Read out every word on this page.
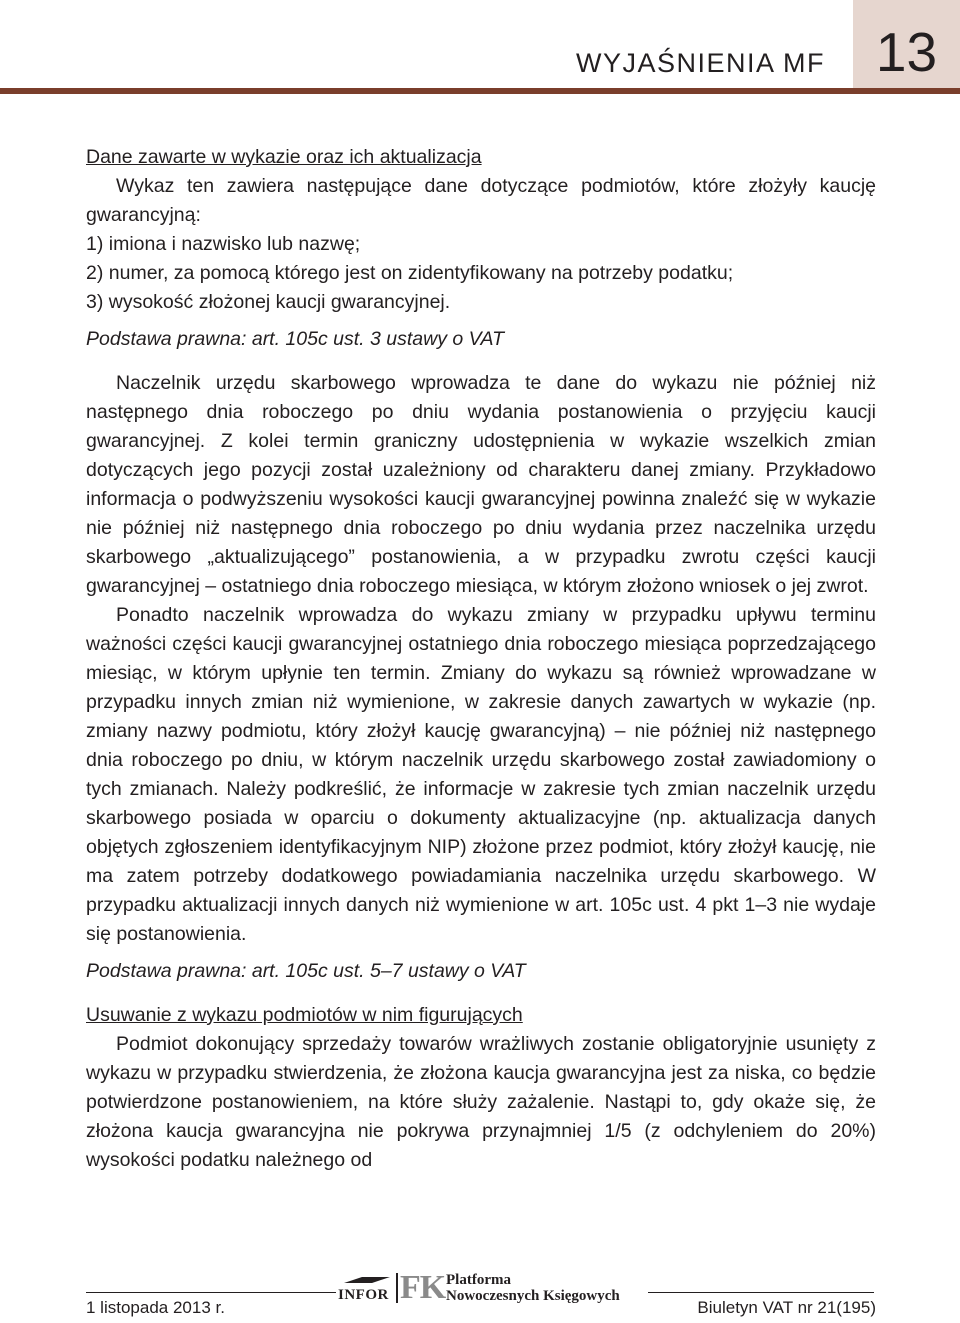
13
WYJAŚNIENIA MF
Dane zawarte w wykazie oraz ich aktualizacja

Wykaz ten zawiera następujące dane dotyczące podmiotów, które złożyły kaucję gwarancyjną:

1) imiona i nazwisko lub nazwę;
2) numer, za pomocą którego jest on zidentyfikowany na potrzeby podatku;
3) wysokość złożonej kaucji gwarancyjnej.
Podstawa prawna: art. 105c ust. 3 ustawy o VAT

Naczelnik urzędu skarbowego wprowadza te dane do wykazu nie później niż następnego dnia roboczego po dniu wydania postanowienia o przyjęciu kaucji gwarancyjnej. Z kolei termin graniczny udostępnienia w wykazie wszelkich zmian dotyczących jego pozycji został uzależniony od charakteru danej zmiany. Przykładowo informacja o podwyższeniu wysokości kaucji gwarancyjnej powinna znaleźć się w wykazie nie później niż następnego dnia roboczego po dniu wydania przez naczelnika urzędu skarbowego „aktualizującego” postanowienia, a w przypadku zwrotu części kaucji gwarancyjnej – ostatniego dnia roboczego miesiąca, w którym złożono wniosek o jej zwrot.

Ponadto naczelnik wprowadza do wykazu zmiany w przypadku upływu terminu ważności części kaucji gwarancyjnej ostatniego dnia roboczego miesiąca poprzedzającego miesiąc, w którym upłynie ten termin. Zmiany do wykazu są również wprowadzane w przypadku innych zmian niż wymienione, w zakresie danych zawartych w wykazie (np. zmiany nazwy podmiotu, który złożył kaucję gwarancyjną) – nie później niż następnego dnia roboczego po dniu, w którym naczelnik urzędu skarbowego został zawiadomiony o tych zmianach. Należy podkreślić, że informacje w zakresie tych zmian naczelnik urzędu skarbowego posiada w oparciu o dokumenty aktualizacyjne (np. aktualizacja danych objętych zgłoszeniem identyfikacyjnym NIP) złożone przez podmiot, który złożył kaucję, nie ma zatem potrzeby dodatkowego powiadamiania naczelnika urzędu skarbowego. W przypadku aktualizacji innych danych niż wymienione w art. 105c ust. 4 pkt 1–3 nie wydaje się postanowienia.

Podstawa prawna: art. 105c ust. 5–7 ustawy o VAT
Usuwanie z wykazu podmiotów w nim figurujących

Podmiot dokonujący sprzedaży towarów wrażliwych zostanie obligatoryjnie usunięty z wykazu w przypadku stwierdzenia, że złożona kaucja gwarancyjna jest za niska, co będzie potwierdzone postanowieniem, na które służy zażalenie. Nastąpi to, gdy okaże się, że złożona kaucja gwarancyjna nie pokrywa przynajmniej 1/5 (z odchyleniem do 20%) wysokości podatku należnego od

INFOR FK Platforma
Nowoczesnych Księgowych
1 listopada 2013 r.	Biuletyn VAT nr 21(195)
